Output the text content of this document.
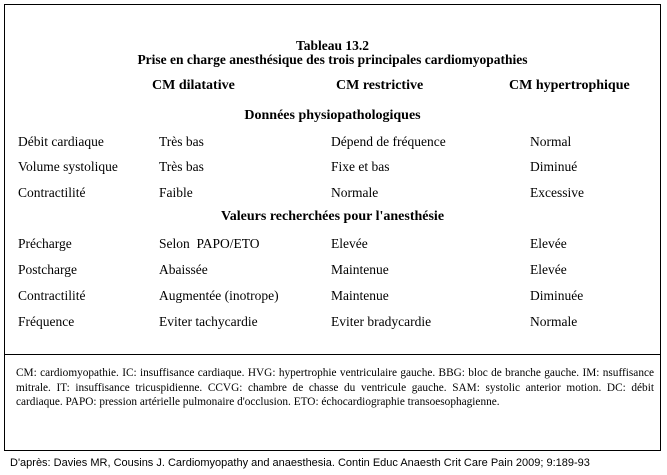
Tableau 13.2
Prise en charge anesthésique des trois principales cardiomyopathies
CM dilatative	CM restrictive	CM hypertrophique
Données physiopathologiques
Débit cardiaque	Très bas	Dépend de fréquence	Normal
Volume systolique	Très bas	Fixe et bas	Diminué
Contractilité	Faible	Normale	Excessive
Valeurs recherchées pour l'anesthésie
Précharge	Selon  PAPO/ETO	Elevée	Elevée
Postcharge	Abaissée	Maintenue	Elevée
Contractilité	Augmentée (inotrope)	Maintenue	Diminuée
Fréquence	Eviter tachycardie	Eviter bradycardie	Normale
CM: cardiomyopathie. IC: insuffisance cardiaque. HVG: hypertrophie ventriculaire gauche. BBG: bloc de branche gauche. IM: nsuffisance mitrale. IT: insuffisance tricuspidienne. CCVG: chambre de chasse du ventricule gauche. SAM: systolic anterior motion. DC: débit cardiaque. PAPO: pression artérielle pulmonaire d'occlusion. ETO: échocardiographie transoesophagienne.
D'après: Davies MR, Cousins J. Cardiomyopathy and anaesthesia. Contin Educ Anaesth Crit Care Pain 2009; 9:189-93
